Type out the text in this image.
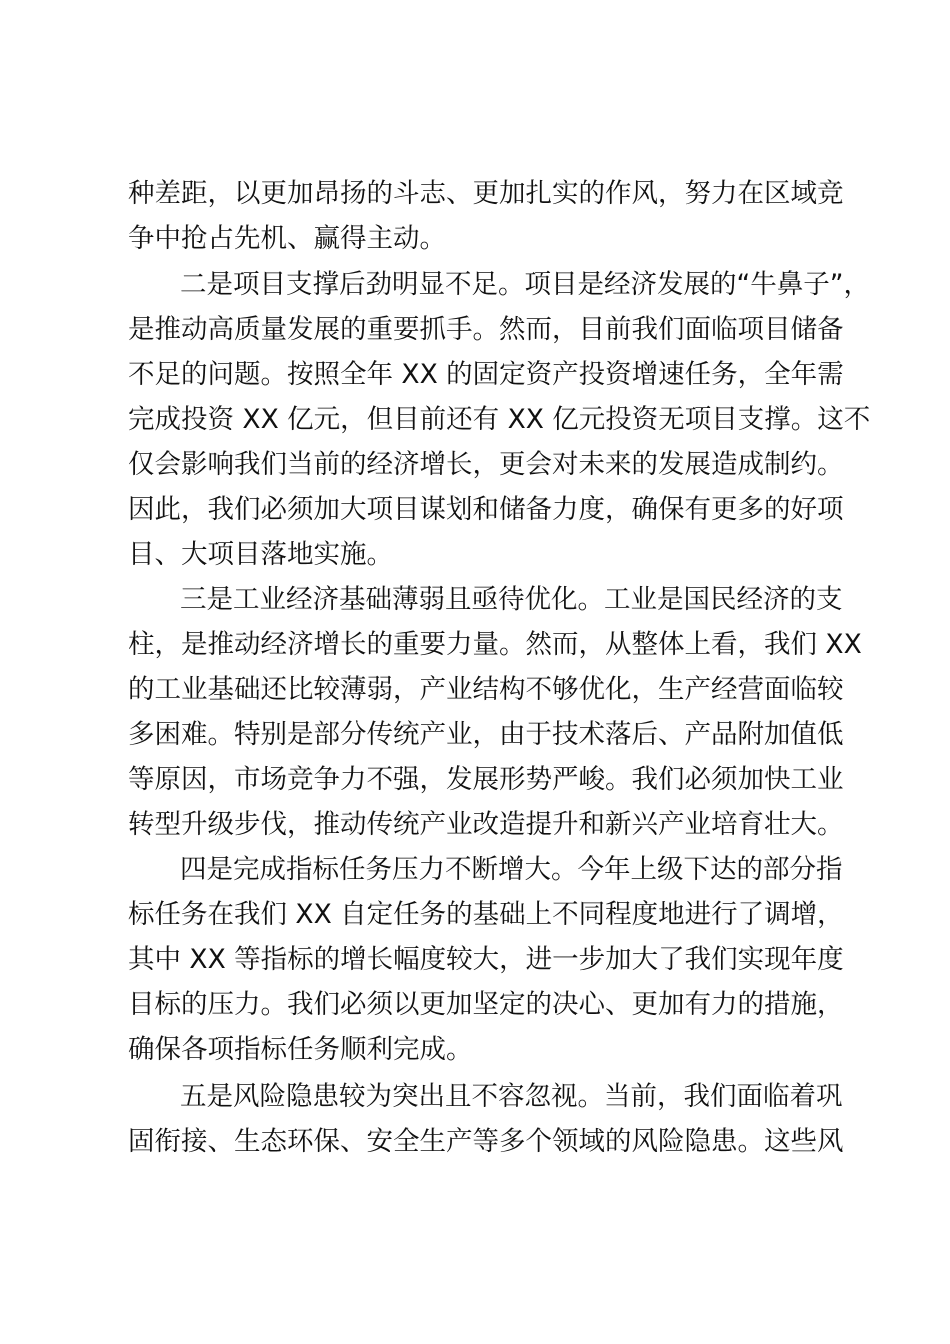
种差距，以更加昂扬的斗志、更加扎实的作风，努力在区域竞
争中抢占先机、赢得主动。
二是项目支撑后劲明显不足。项目是经济发展的“牛鼻子”，
是推动高质量发展的重要抓手。然而，目前我们面临项目储备
不足的问题。按照全年 XX 的固定资产投资增速任务，全年需
完成投资 XX 亿元，但目前还有 XX 亿元投资无项目支撑。这不
仅会影响我们当前的经济增长，更会对未来的发展造成制约。
因此，我们必须加大项目谋划和储备力度，确保有更多的好项
目、大项目落地实施。
三是工业经济基础薄弱且亟待优化。工业是国民经济的支
柱，是推动经济增长的重要力量。然而，从整体上看，我们 XX
的工业基础还比较薄弱，产业结构不够优化，生产经营面临较
多困难。特别是部分传统产业，由于技术落后、产品附加值低
等原因，市场竞争力不强，发展形势严峻。我们必须加快工业
转型升级步伐，推动传统产业改造提升和新兴产业培育壮大。
四是完成指标任务压力不断增大。今年上级下达的部分指
标任务在我们 XX 自定任务的基础上不同程度地进行了调增，
其中 XX 等指标的增长幅度较大，进一步加大了我们实现年度
目标的压力。我们必须以更加坚定的决心、更加有力的措施，
确保各项指标任务顺利完成。
五是风险隐患较为突出且不容忽视。当前，我们面临着巩
固衔接、生态环保、安全生产等多个领域的风险隐患。这些风
